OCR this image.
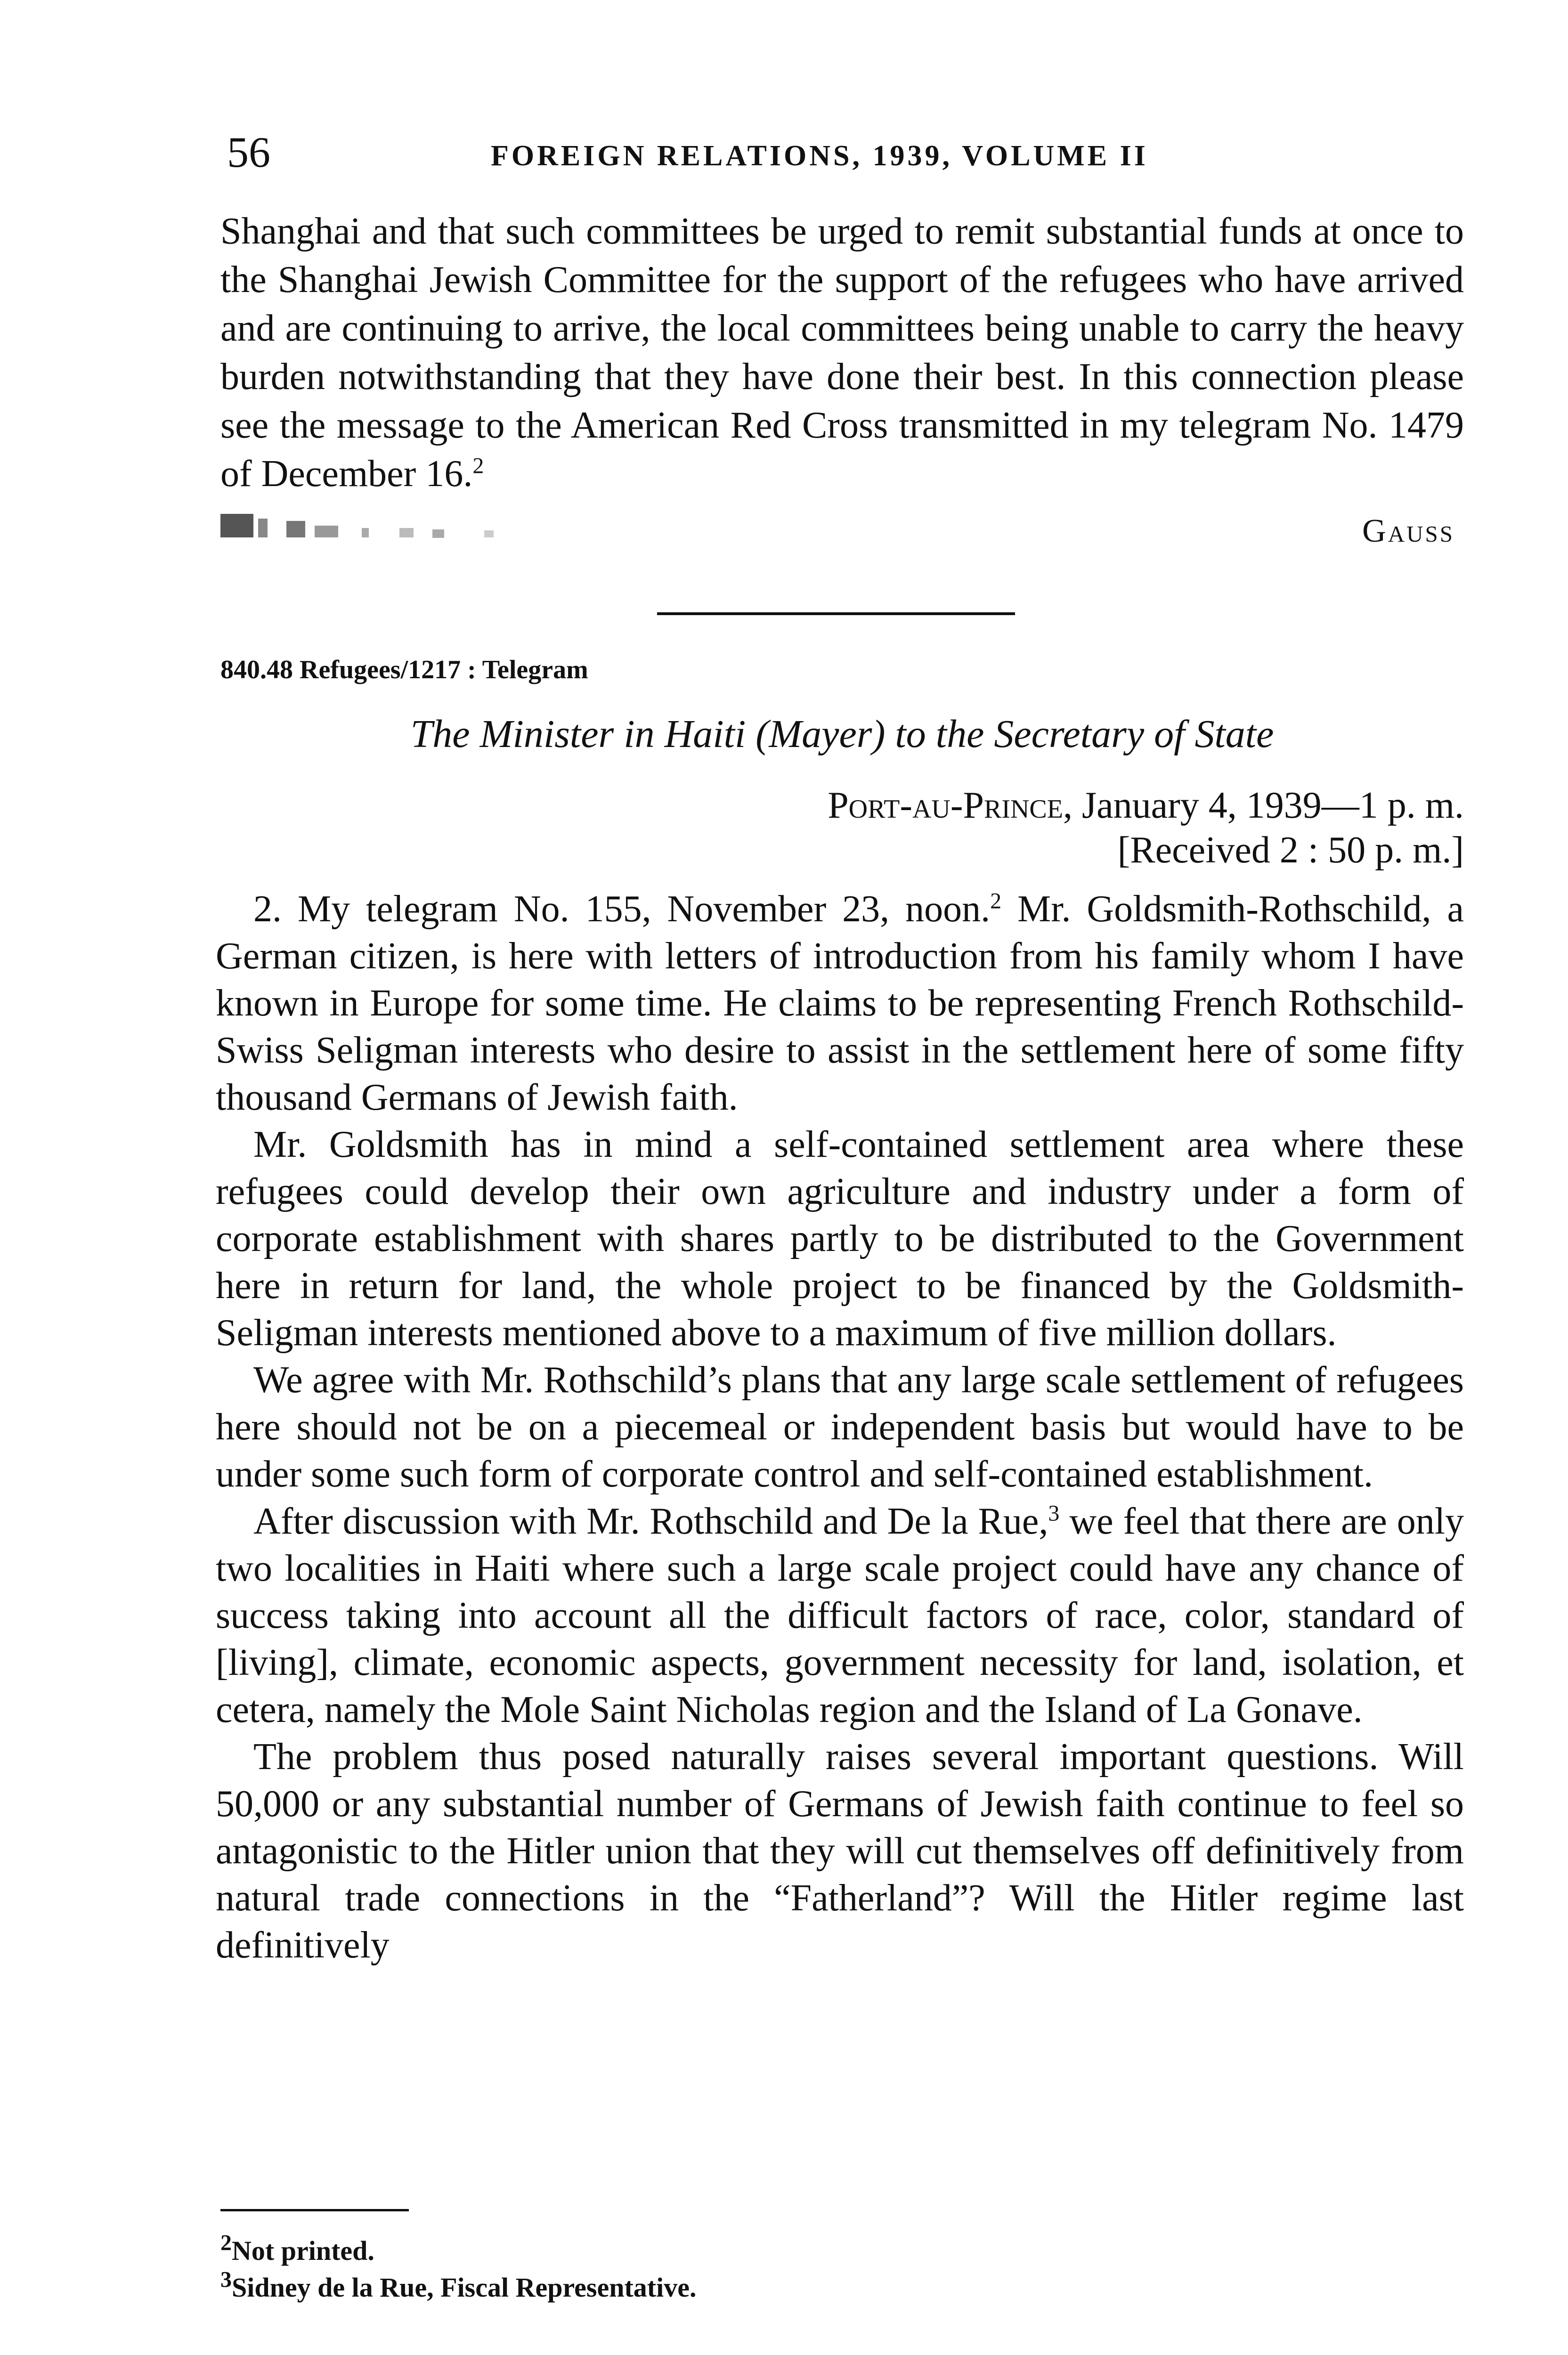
56	FOREIGN RELATIONS, 1939, VOLUME II

Shanghai and that such committees be urged to remit substantial funds at once to the Shanghai Jewish Committee for the support of the refugees who have arrived and are continuing to arrive, the local committees being unable to carry the heavy burden notwithstanding that they have done their best. In this connection please see the message to the American Red Cross transmitted in my telegram No. 1479 of December 16.$^2$

Gauss
840.48 Refugees/1217 : Telegram
The Minister in Haiti (Mayer) to the Secretary of State
Port-au-Prince, January 4, 1939—1 p. m.
[Received 2 : 50 p. m.]

2. My telegram No. 155, November 23, noon.$^2$ Mr. Goldsmith-Rothschild, a German citizen, is here with letters of introduction from his family whom I have known in Europe for some time. He claims to be representing French Rothschild-Swiss Seligman interests who desire to assist in the settlement here of some fifty thousand Germans of Jewish faith.

Mr. Goldsmith has in mind a self-contained settlement area where these refugees could develop their own agriculture and industry under a form of corporate establishment with shares partly to be distributed to the Government here in return for land, the whole project to be financed by the Goldsmith-Seligman interests mentioned above to a maximum of five million dollars.

We agree with Mr. Rothschild’s plans that any large scale settlement of refugees here should not be on a piecemeal or independent basis but would have to be under some such form of corporate control and self-contained establishment.

After discussion with Mr. Rothschild and De la Rue,$^3$ we feel that there are only two localities in Haiti where such a large scale project could have any chance of success taking into account all the difficult factors of race, color, standard of [living], climate, economic aspects, government necessity for land, isolation, et cetera, namely the Mole Saint Nicholas region and the Island of La Gonave.

The problem thus posed naturally raises several important questions. Will 50,000 or any substantial number of Germans of Jewish faith continue to feel so antagonistic to the Hitler union that they will cut themselves off definitively from natural trade connections in the “Fatherland”? Will the Hitler regime last definitively

$^2$Not printed.
$^3$Sidney de la Rue, Fiscal Representative.
